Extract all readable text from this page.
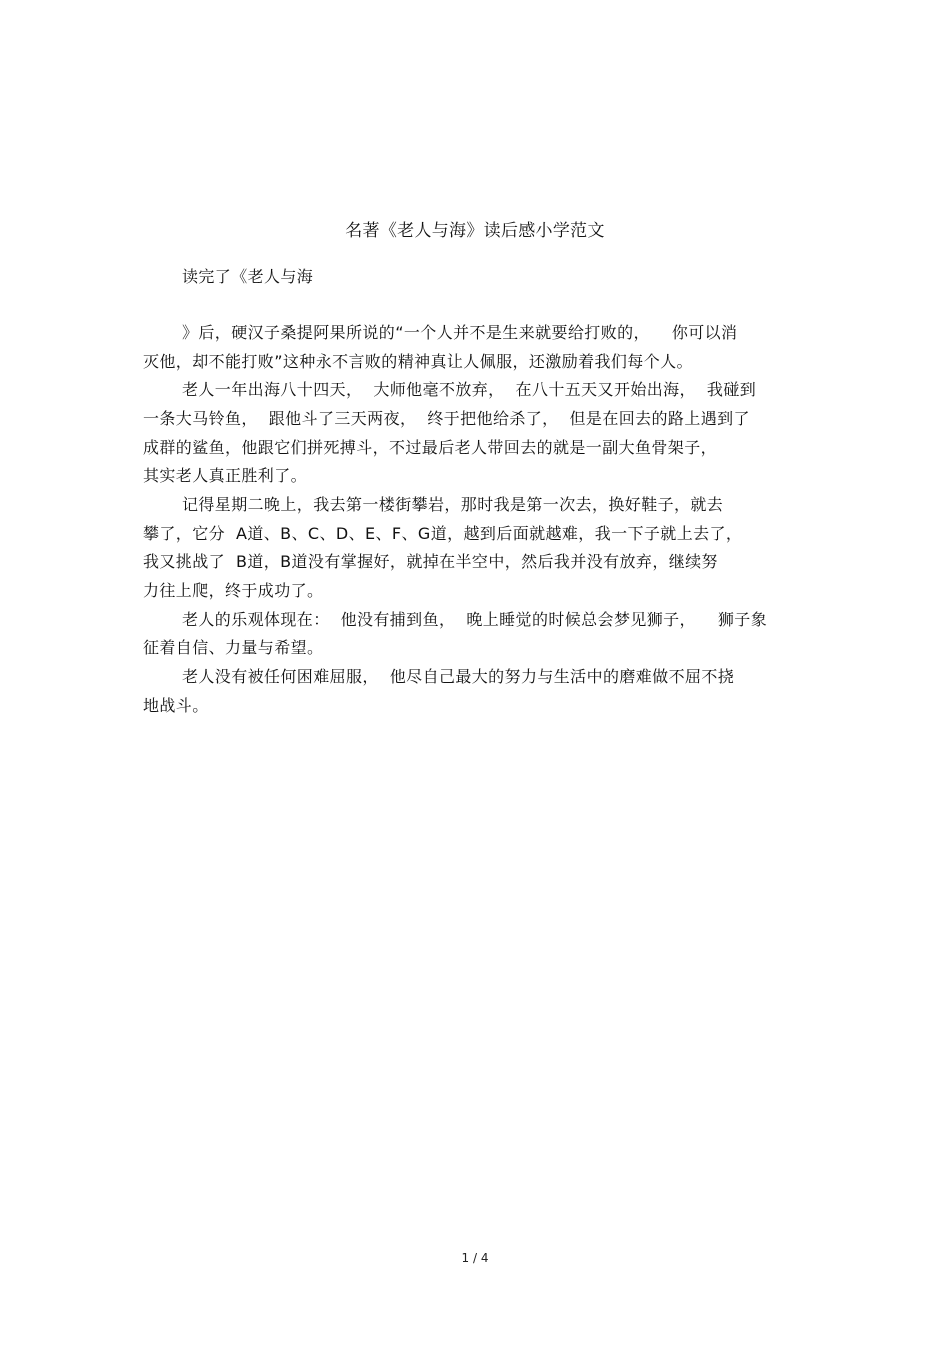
名著《老人与海》读后感小学范文
读完了《老人与海
》后，硬汉子桑提阿果所说的“一个人并不是生来就要给打败的，    你可以消
灭他，却不能打败”这种永不言败的精神真让人佩服，还激励着我们每个人。
老人一年出海八十四天，  大师他毫不放弃，  在八十五天又开始出海，  我碰到
一条大马铃鱼，  跟他斗了三天两夜，  终于把他给杀了，  但是在回去的路上遇到了
成群的鲨鱼，他跟它们拼死搏斗，不过最后老人带回去的就是一副大鱼骨架子，
其实老人真正胜利了。
记得星期二晚上，我去第一楼街攀岩，那时我是第一次去，换好鞋子，就去
攀了，它分  A道、B、C、D、E、F、G道，越到后面就越难，我一下子就上去了，
我又挑战了  B道，B道没有掌握好，就掉在半空中，然后我并没有放弃，继续努
力往上爬，终于成功了。
老人的乐观体现在：  他没有捕到鱼，  晚上睡觉的时候总会梦见狮子，    狮子象
征着自信、力量与希望。
老人没有被任何困难屈服，  他尽自己最大的努力与生活中的磨难做不屈不挠
地战斗。
1 / 4
